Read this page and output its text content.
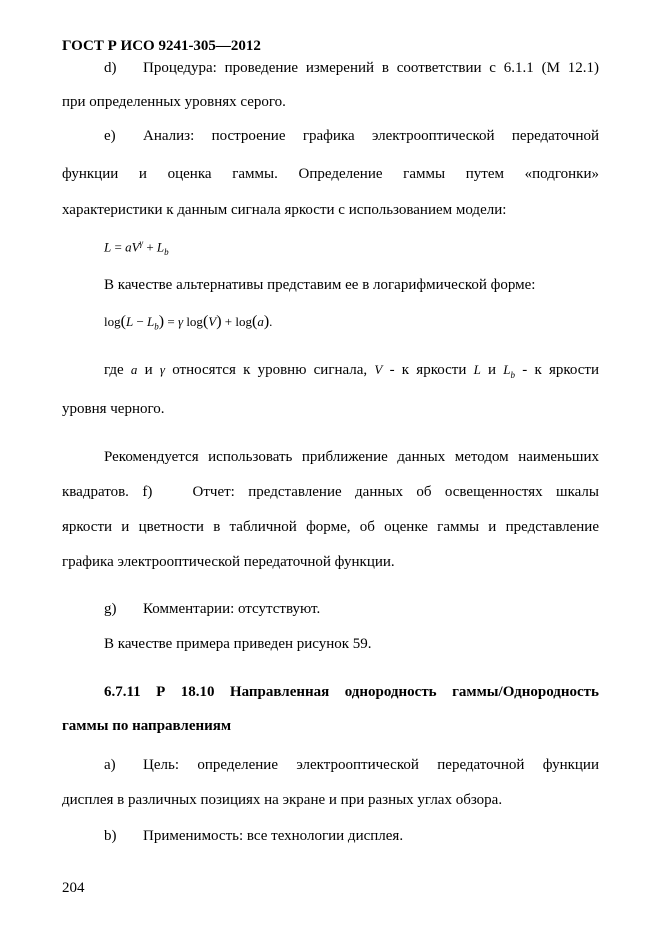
ГОСТ Р ИСО 9241-305—2012
d) Процедура: проведение измерений в соответствии с 6.1.1 (М 12.1)
при определенных уровнях серого.
e) Анализ: построение графика электрооптической передаточной
функции и оценка гаммы. Определение гаммы путем «подгонки»
характеристики к данным сигнала яркости с использованием модели:
$L = aV^\gamma + L_b$
В качестве альтернативы представим ее в логарифмической форме:
$\log(L - L_b) = \gamma$ log(V) + log(a).
где a и γ относятся к уровню сигнала, V - к яркости L и $L_b$ - к яркости
уровня черного.
Рекомендуется использовать приближение данных методом наименьших
квадратов. f)   Отчет: представление данных об освещенностях шкалы
яркости и цветности в табличной форме, об оценке гаммы и представление
графика электрооптической передаточной функции.
g) Комментарии: отсутствуют.
В качестве примера приведен рисунок 59.
6.7.11  Р  18.10  Направленная  однородность  гаммы/Однородность
гаммы по направлениям
a) Цель: определение электрооптической передаточной функции
дисплея в различных позициях на экране и при разных углах обзора.
b) Применимость: все технологии дисплея.
204
